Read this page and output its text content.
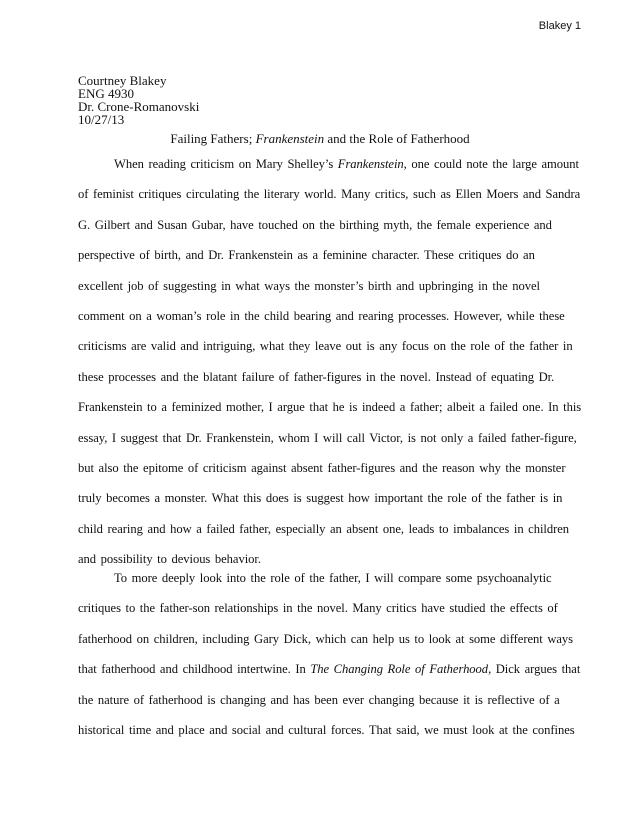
Blakey 1
Courtney Blakey
ENG 4930
Dr. Crone-Romanovski
10/27/13
Failing Fathers; Frankenstein and the Role of Fatherhood
When reading criticism on Mary Shelley’s Frankenstein, one could note the large amount
of feminist critiques circulating the literary world. Many critics, such as Ellen Moers and Sandra
G. Gilbert and Susan Gubar, have touched on the birthing myth, the female experience and
perspective of birth, and Dr. Frankenstein as a feminine character. These critiques do an
excellent job of suggesting in what ways the monster’s birth and upbringing in the novel
comment on a woman’s role in the child bearing and rearing processes. However, while these
criticisms are valid and intriguing, what they leave out is any focus on the role of the father in
these processes and the blatant failure of father-figures in the novel. Instead of equating Dr.
Frankenstein to a feminized mother, I argue that he is indeed a father; albeit a failed one. In this
essay, I suggest that Dr. Frankenstein, whom I will call Victor, is not only a failed father-figure,
but also the epitome of criticism against absent father-figures and the reason why the monster
truly becomes a monster. What this does is suggest how important the role of the father is in
child rearing and how a failed father, especially an absent one, leads to imbalances in children
and possibility to devious behavior.
To more deeply look into the role of the father, I will compare some psychoanalytic
critiques to the father-son relationships in the novel. Many critics have studied the effects of
fatherhood on children, including Gary Dick, which can help us to look at some different ways
that fatherhood and childhood intertwine. In The Changing Role of Fatherhood, Dick argues that
the nature of fatherhood is changing and has been ever changing because it is reflective of a
historical time and place and social and cultural forces. That said, we must look at the confines
